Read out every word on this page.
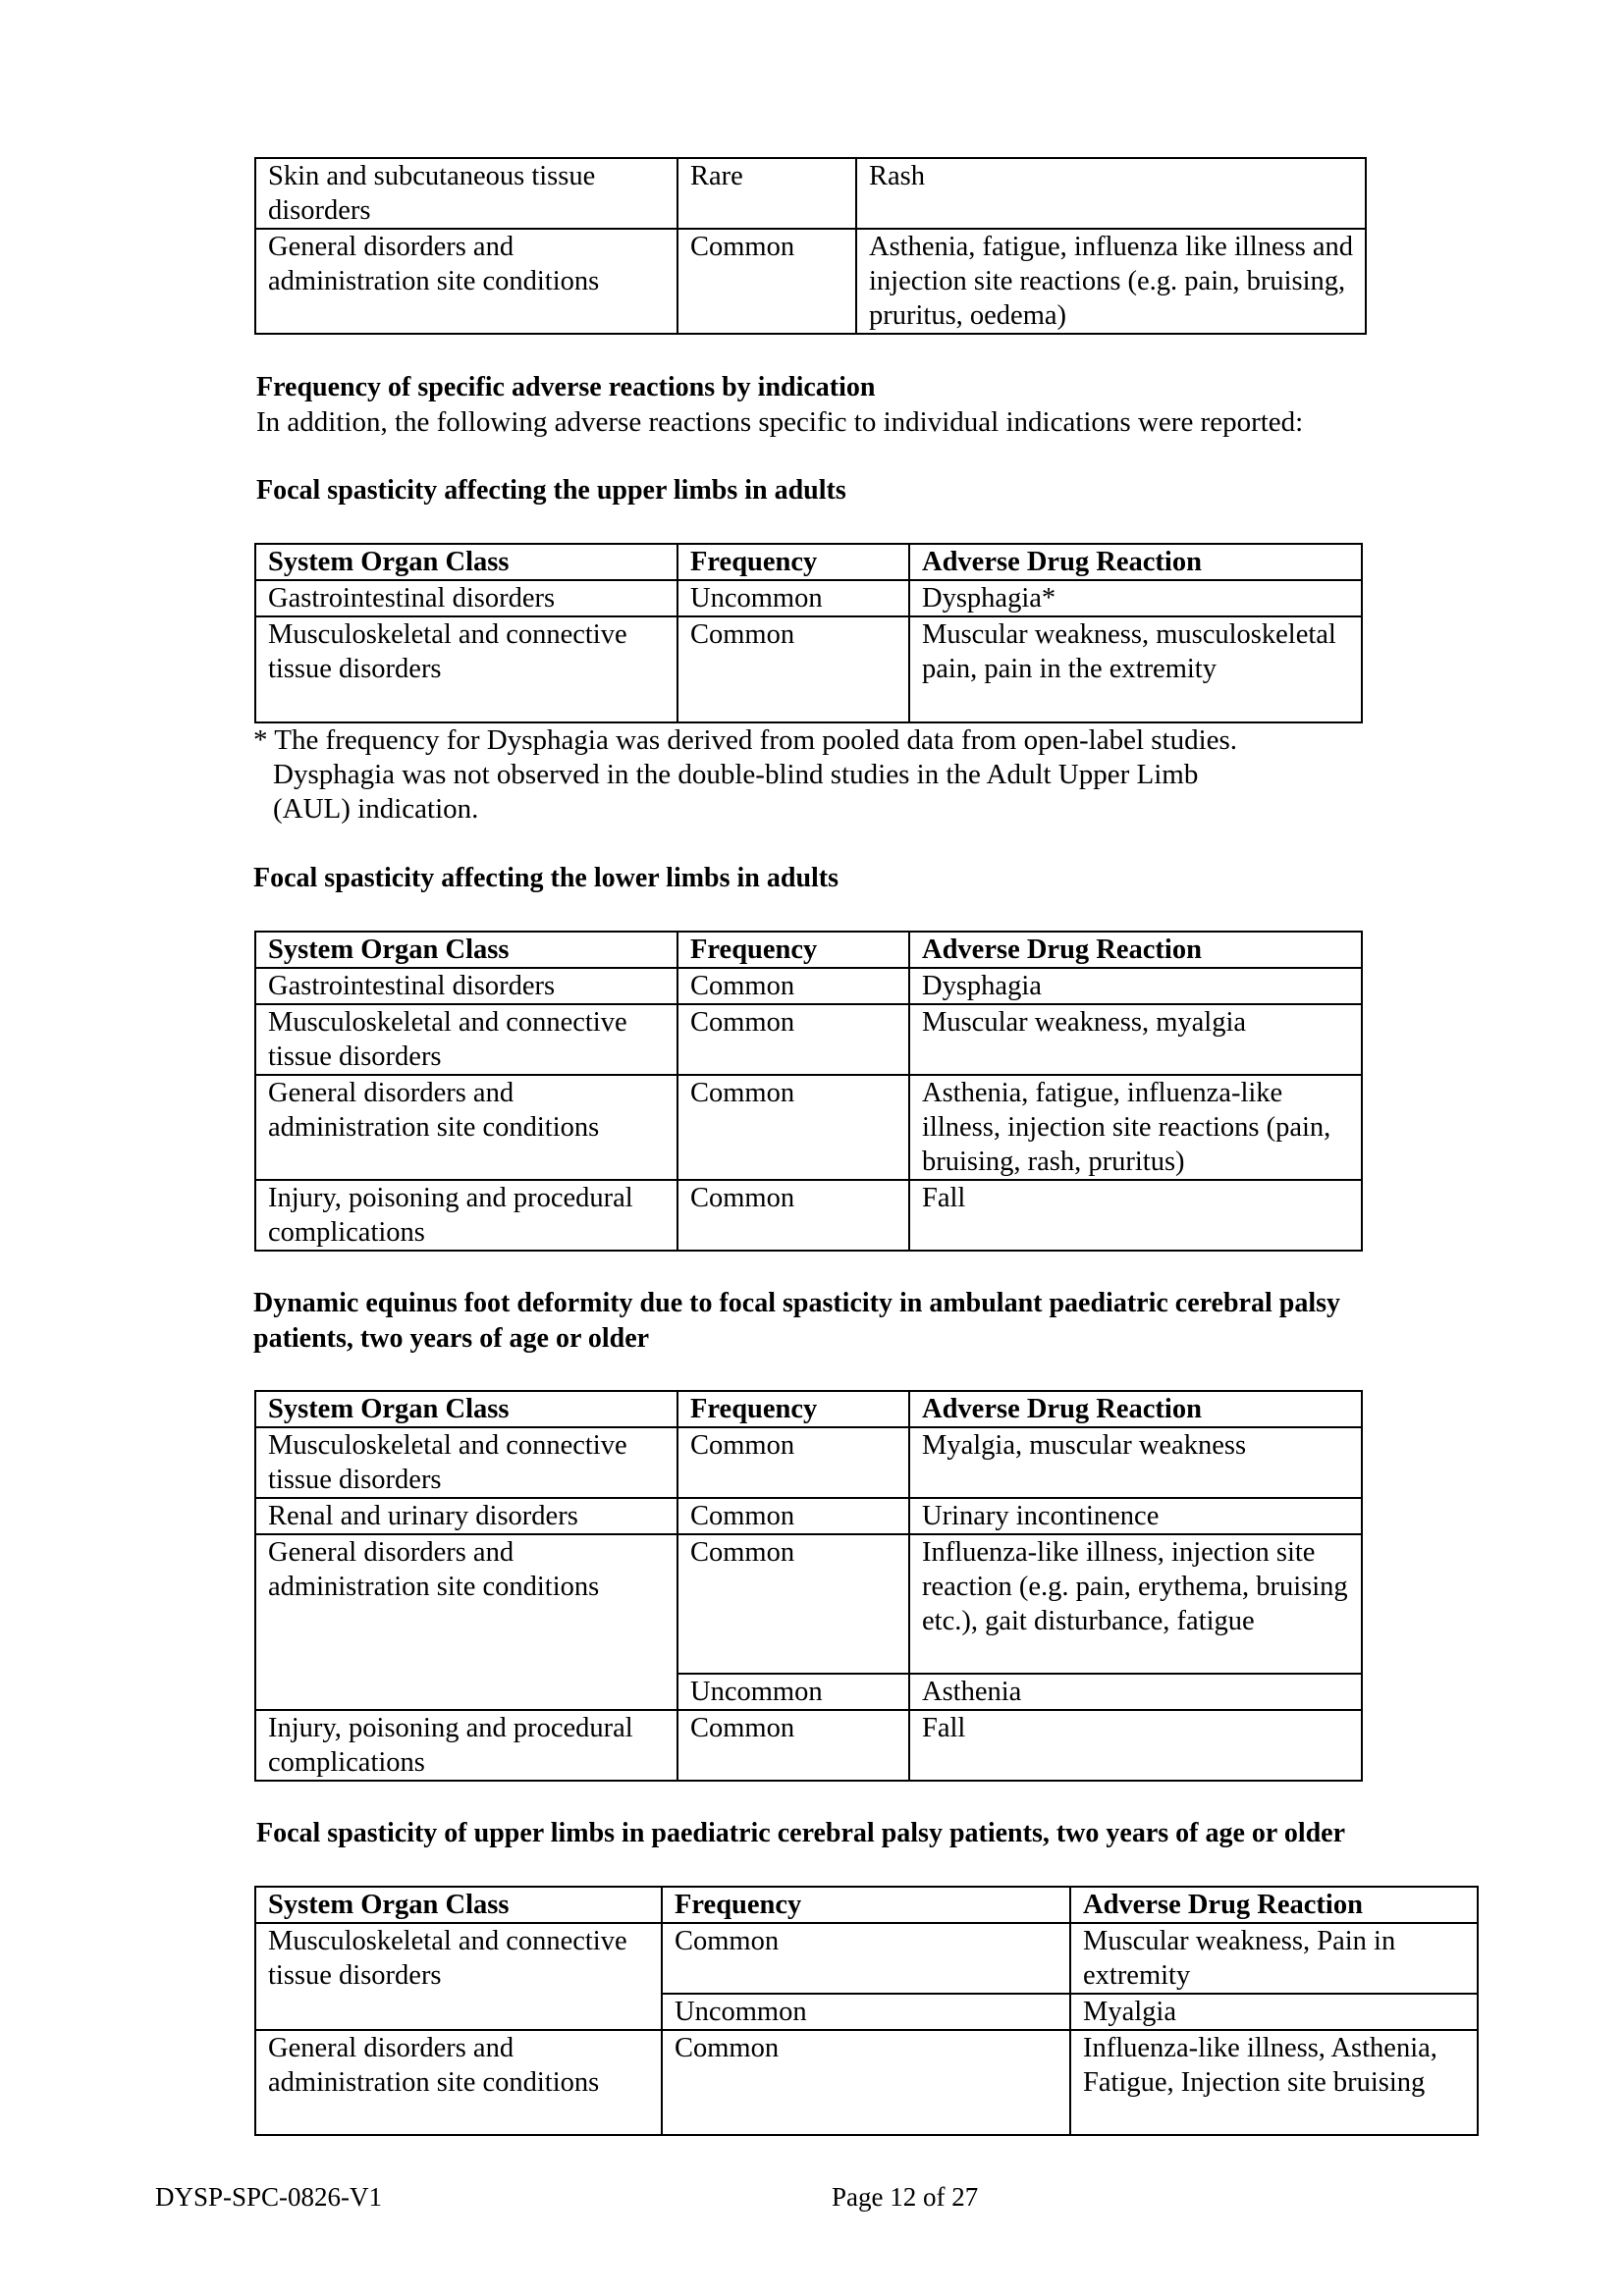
Skin and subcutaneous tissue disorders	Rare	Rash
General disorders and administration site conditions	Common	Asthenia, fatigue, influenza like illness and injection site reactions (e.g. pain, bruising, pruritus, oedema)
Frequency of specific adverse reactions by indication
In addition, the following adverse reactions specific to individual indications were reported:
Focal spasticity affecting the upper limbs in adults
System Organ Class	Frequency	Adverse Drug Reaction
Gastrointestinal disorders	Uncommon	Dysphagia*
Musculoskeletal and connective tissue disorders	Common	Muscular weakness, musculoskeletal pain, pain in the extremity
* The frequency for Dysphagia was derived from pooled data from open-label studies.
Dysphagia was not observed in the double-blind studies in the Adult Upper Limb
(AUL) indication.
Focal spasticity affecting the lower limbs in adults
System Organ Class	Frequency	Adverse Drug Reaction
Gastrointestinal disorders	Common	Dysphagia
Musculoskeletal and connective tissue disorders	Common	Muscular weakness, myalgia
General disorders and administration site conditions	Common	Asthenia, fatigue, influenza-like illness, injection site reactions (pain, bruising, rash, pruritus)
Injury, poisoning and procedural complications	Common	Fall
Dynamic equinus foot deformity due to focal spasticity in ambulant paediatric cerebral palsy
patients, two years of age or older
System Organ Class	Frequency	Adverse Drug Reaction
Musculoskeletal and connective tissue disorders	Common	Myalgia, muscular weakness
Renal and urinary disorders	Common	Urinary incontinence
General disorders and administration site conditions	Common	Influenza-like illness, injection site reaction (e.g. pain, erythema, bruising etc.), gait disturbance, fatigue
	Uncommon	Asthenia
Injury, poisoning and procedural complications	Common	Fall
Focal spasticity of upper limbs in paediatric cerebral palsy patients, two years of age or older
System Organ Class	Frequency	Adverse Drug Reaction
Musculoskeletal and connective tissue disorders	Common	Muscular weakness, Pain in extremity
	Uncommon	Myalgia
General disorders and administration site conditions	Common	Influenza-like illness, Asthenia, Fatigue, Injection site bruising
DYSP-SPC-0826-V1	Page 12 of 27
